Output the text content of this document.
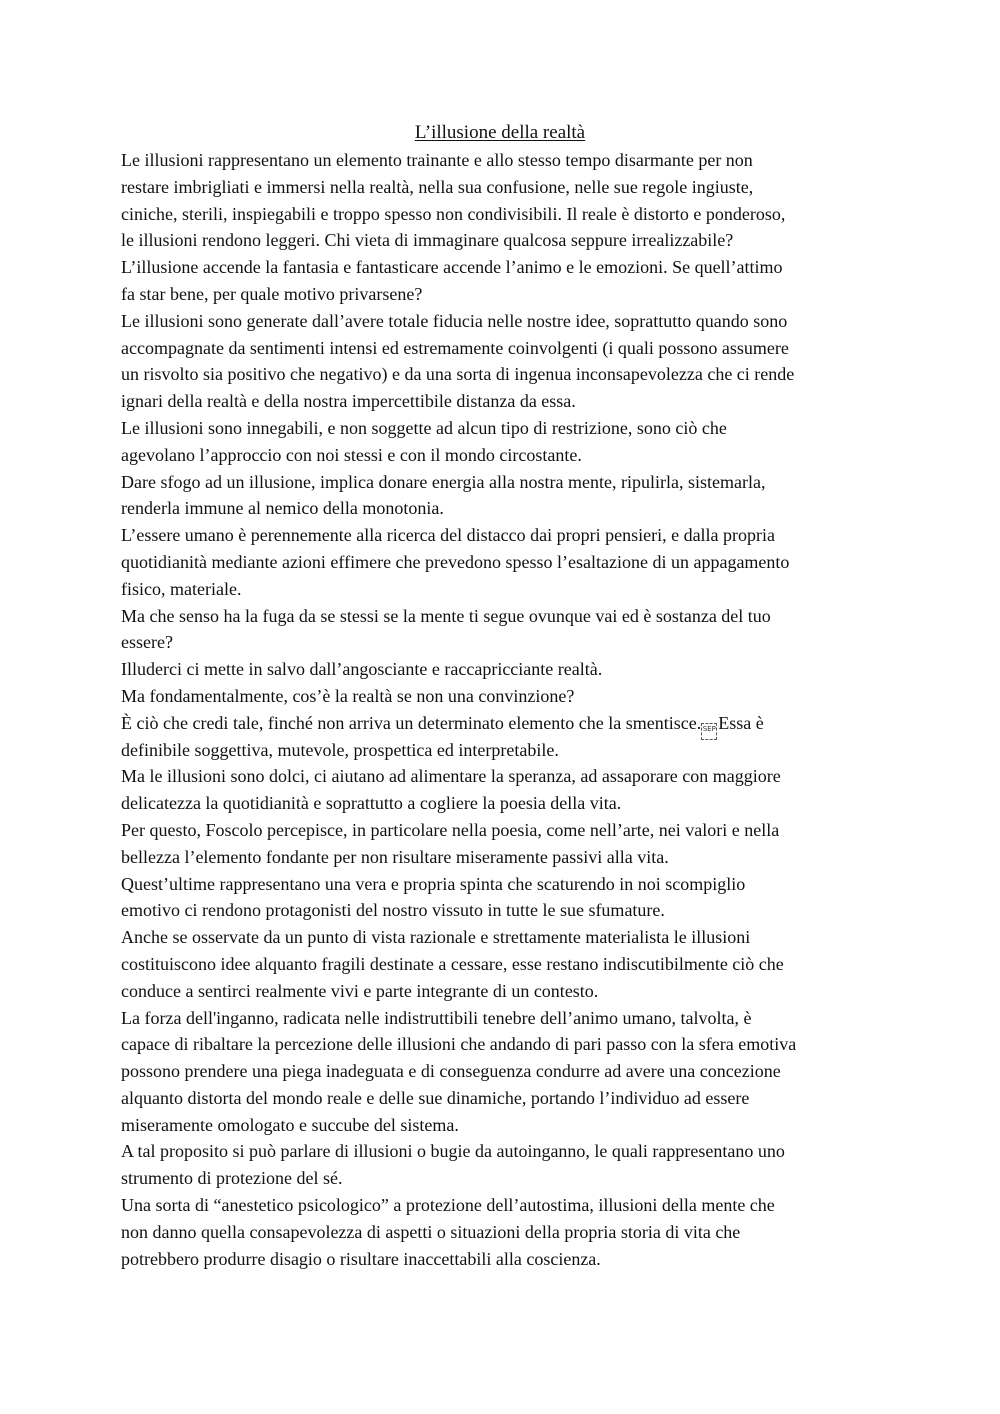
L’illusione della realtà
Le illusioni rappresentano un elemento trainante e allo stesso tempo disarmante per non
restare imbrigliati e immersi nella realtà, nella sua confusione, nelle sue regole ingiuste,
ciniche, sterili, inspiegabili e troppo spesso non condivisibili. Il reale è distorto e ponderoso,
le illusioni rendono leggeri. Chi vieta di immaginare qualcosa seppure irrealizzabile?
L’illusione accende la fantasia e fantasticare accende l’animo e le emozioni. Se quell’attimo
fa star bene, per quale motivo privarsene?
Le illusioni sono generate dall’avere totale fiducia nelle nostre idee, soprattutto quando sono
accompagnate da sentimenti intensi ed estremamente coinvolgenti (i quali possono assumere
un risvolto sia positivo che negativo) e da una sorta di ingenua inconsapevolezza che ci rende
ignari della realtà e della nostra impercettibile distanza da essa.
Le illusioni sono innegabili, e non soggette ad alcun tipo di restrizione, sono ciò che
agevolano l’approccio con noi stessi e con il mondo circostante.
Dare sfogo ad un illusione, implica donare energia alla nostra mente, ripulirla, sistemarla,
renderla immune al nemico della monotonia.
L’essere umano è perennemente alla ricerca del distacco dai propri pensieri, e dalla propria
quotidianità mediante azioni effimere che prevedono spesso l’esaltazione di un appagamento
fisico, materiale.
Ma che senso ha la fuga da se stessi se la mente ti segue ovunque vai ed è sostanza del tuo
essere?
Illuderci ci mette in salvo dall’angosciante e raccapricciante realtà.
Ma fondamentalmente, cos’è la realtà se non una convinzione?
È ciò che credi tale, finché non arriva un determinato elemento che la smentisce.SEP Essa è
definibile soggettiva, mutevole, prospettica ed interpretabile.
Ma le illusioni sono dolci, ci aiutano ad alimentare la speranza, ad assaporare con maggiore
delicatezza la quotidianità e soprattutto a cogliere la poesia della vita.
Per questo, Foscolo percepisce, in particolare nella poesia, come nell’arte, nei valori e nella
bellezza l’elemento fondante per non risultare miseramente passivi alla vita.
Quest’ultime rappresentano una vera e propria spinta che scaturendo in noi scompiglio
emotivo ci rendono protagonisti del nostro vissuto in tutte le sue sfumature.
Anche se osservate da un punto di vista razionale e strettamente materialista le illusioni
costituiscono idee alquanto fragili destinate a cessare, esse restano indiscutibilmente ciò che
conduce a sentirci realmente vivi e parte integrante di un contesto.
La forza dell'inganno, radicata nelle indistruttibili tenebre dell’animo umano, talvolta, è
capace di ribaltare la percezione delle illusioni che andando di pari passo con la sfera emotiva
possono prendere una piega inadeguata e di conseguenza condurre ad avere una concezione
alquanto distorta del mondo reale e delle sue dinamiche, portando l’individuo ad essere
miseramente omologato e succube del sistema.
A tal proposito si può parlare di illusioni o bugie da autoinganno, le quali rappresentano uno
strumento di protezione del sé.
Una sorta di “anestetico psicologico” a protezione dell’autostima, illusioni della mente che
non danno quella consapevolezza di aspetti o situazioni della propria storia di vita che
potrebbero produrre disagio o risultare inaccettabili alla coscienza.
